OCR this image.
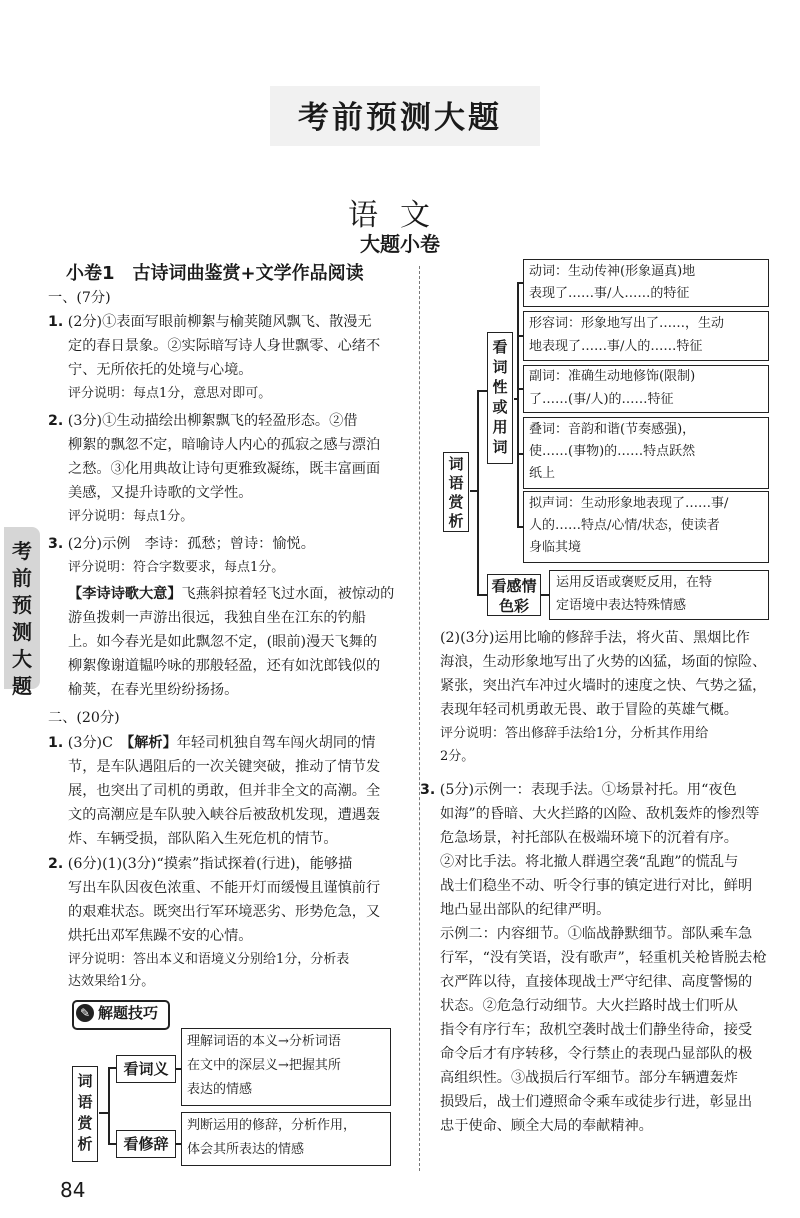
考前预测大题
语文
大题小卷
考
前
预
测
大
题
小卷1　古诗词曲鉴赏+文学作品阅读
一、(7分)
1. (2分)①表面写眼前柳絮与榆荚随风飘飞、散漫无
定的春日景象。②实际暗写诗人身世飘零、心绪不
宁、无所依托的处境与心境。
评分说明：每点1分，意思对即可。
2. (3分)①生动描绘出柳絮飘飞的轻盈形态。②借
柳絮的飘忽不定，暗喻诗人内心的孤寂之感与漂泊
之愁。③化用典故让诗句更雅致凝练，既丰富画面
美感，又提升诗歌的文学性。
评分说明：每点1分。
3. (2分)示例　李诗：孤愁；曾诗：愉悦。
评分说明：符合字数要求，每点1分。
【李诗诗歌大意】飞燕斜掠着轻飞过水面，被惊动的
游鱼拨刺一声游出很远，我独自坐在江东的钓船
上。如今春光是如此飘忽不定，(眼前)漫天飞舞的
柳絮像谢道韫吟咏的那般轻盈，还有如沈郎钱似的
榆荚，在春光里纷纷扬扬。
二、(20分)
1. (3分)C　【解析】年轻司机独自驾车闯火胡同的情
节，是车队遇阻后的一次关键突破，推动了情节发
展，也突出了司机的勇敢，但并非全文的高潮。全
文的高潮应是车队驶入峡谷后被敌机发现，遭遇轰
炸、车辆受损，部队陷入生死危机的情节。
2. (6分)(1)(3分)“摸索”指试探着(行进)，能够描
写出车队因夜色浓重、不能开灯而缓慢且谨慎前行
的艰难状态。既突出行军环境恶劣、形势危急，又
烘托出邓军焦躁不安的心情。
评分说明：答出本义和语境义分别给1分，分析表
达效果给1分。
✎ 解题技巧
词
语
赏
析
看词义
看修辞
理解词语的本义→分析词语
在文中的深层义→把握其所
表达的情感
判断运用的修辞，分析作用，
体会其所表达的情感
词
语
赏
析
看
词
性
或
用
词
看感情色彩
动词：生动传神(形象逼真)地
表现了……事/人……的特征
形容词：形象地写出了……，生动
地表现了……事/人的……特征
副词：准确生动地修饰(限制)
了……(事/人)的……特征
叠词：音韵和谐(节奏感强)，
使……(事物)的……特点跃然
纸上
拟声词：生动形象地表现了……事/
人的……特点/心情/状态，使读者
身临其境
运用反语或褒贬反用，在特
定语境中表达特殊情感
(2)(3分)运用比喻的修辞手法，将火苗、黑烟比作
海浪，生动形象地写出了火势的凶猛，场面的惊险、
紧张，突出汽车冲过火墙时的速度之快、气势之猛，
表现年轻司机勇敢无畏、敢于冒险的英雄气概。
评分说明：答出修辞手法给1分，分析其作用给
2分。
3. (5分)示例一：表现手法。①场景衬托。用“夜色
如海”的昏暗、大火拦路的凶险、敌机轰炸的惨烈等
危急场景，衬托部队在极端环境下的沉着有序。
②对比手法。将北撤人群遇空袭“乱跑”的慌乱与
战士们稳坐不动、听令行事的镇定进行对比，鲜明
地凸显出部队的纪律严明。
示例二：内容细节。①临战静默细节。部队乘车急
行军，“没有笑语，没有歌声”，轻重机关枪皆脱去枪
衣严阵以待，直接体现战士严守纪律、高度警惕的
状态。②危急行动细节。大火拦路时战士们听从
指令有序行车；敌机空袭时战士们静坐待命，接受
命令后才有序转移，令行禁止的表现凸显部队的极
高组织性。③战损后行军细节。部分车辆遭轰炸
损毁后，战士们遵照命令乘车或徒步行进，彰显出
忠于使命、顾全大局的奉献精神。
84
